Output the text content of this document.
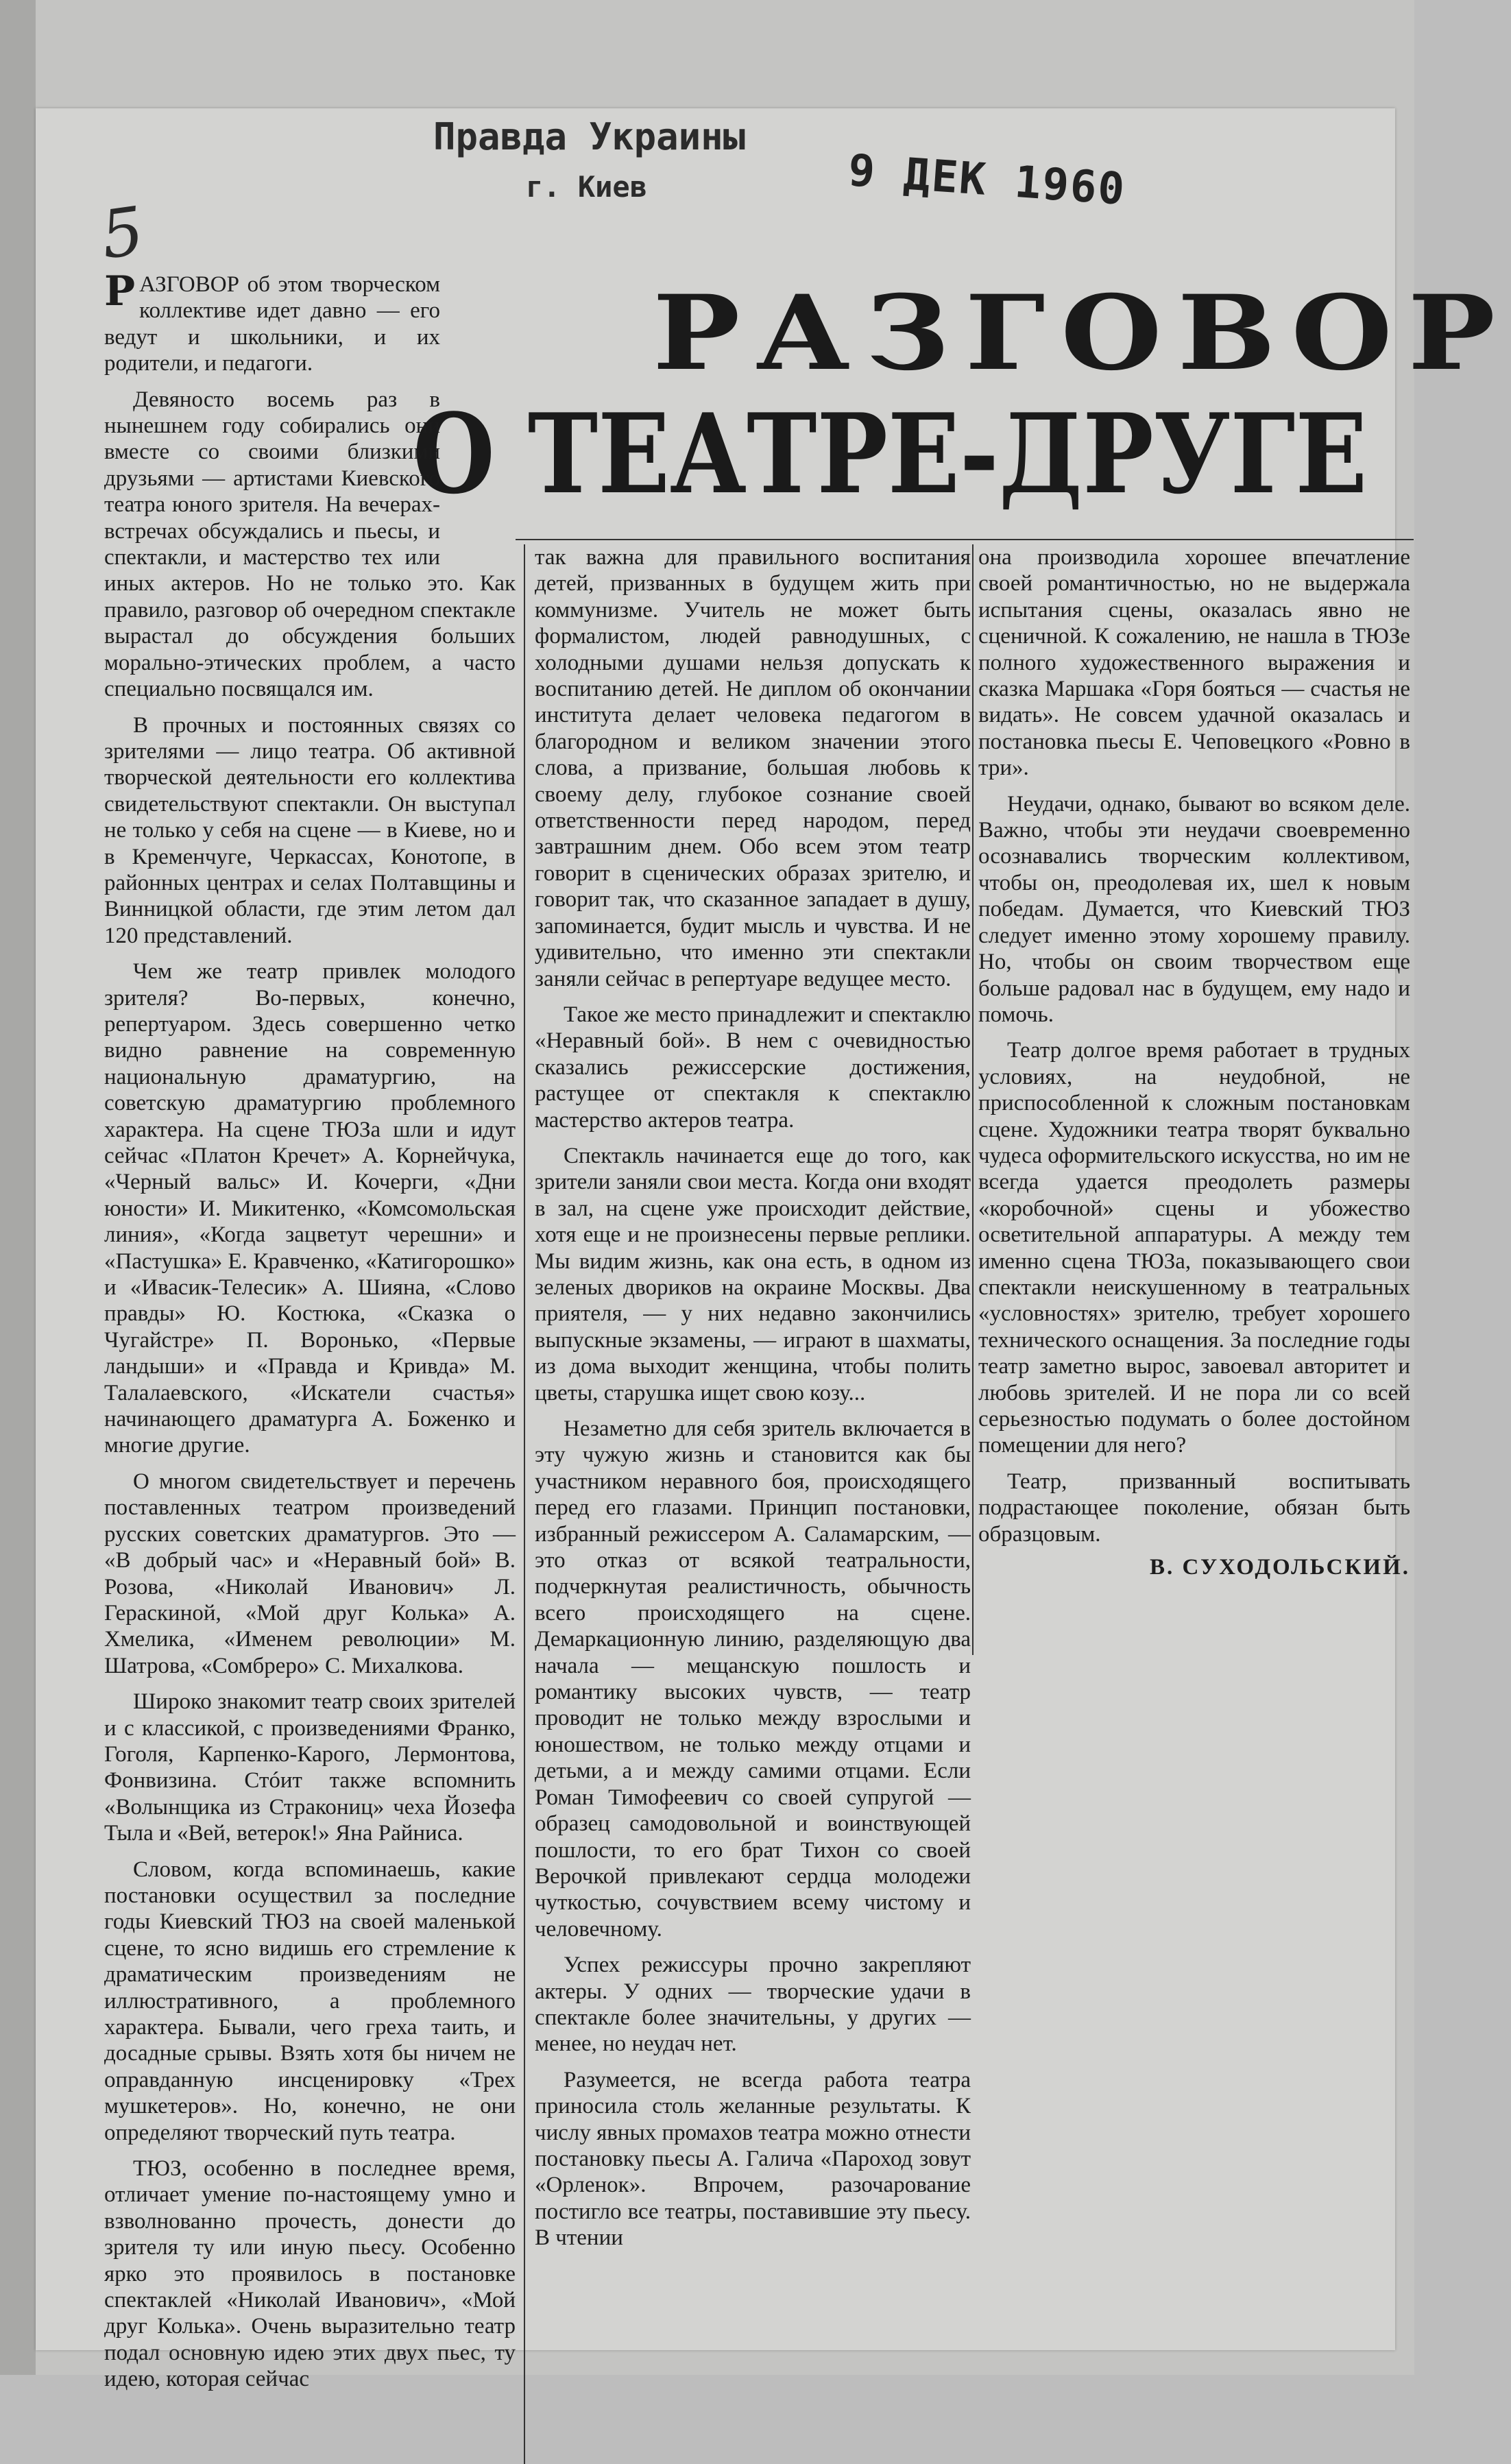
Правда Украины
г. Киев	9 ДЕК 1960
5
РАЗГОВОР
О ТЕАТРЕ-ДРУГЕ

РАЗГОВОР об этом творческом коллективе идет давно — его ведут и школьники, и их родители, и педагоги.

Девяносто восемь раз в нынешнем году собирались они вместе со своими близкими друзьями — артистами Киевского театра юного зрителя. На вечерах-встречах обсуждались и пьесы, и спектакли, и мастерство тех или иных актеров. Но не только это. Как правило, разговор об очередном спектакле вырастал до обсуждения больших морально-этических проблем, а часто специально посвящался им.

В прочных и постоянных связях со зрителями — лицо театра. Об активной творческой деятельности его коллектива свидетельствуют спектакли. Он выступал не только у себя на сцене — в Киеве, но и в Кременчуге, Черкассах, Конотопе, в районных центрах и селах Полтавщины и Винницкой области, где этим летом дал 120 представлений.

Чем же театр привлек молодого зрителя? Во-первых, конечно, репертуаром. Здесь совершенно четко видно равнение на современную национальную драматургию, на советскую драматургию проблемного характера. На сцене ТЮЗа шли и идут сейчас «Платон Кречет» А. Корнейчука, «Черный вальс» И. Кочерги, «Дни юности» И. Микитенко, «Комсомольская линия», «Когда зацветут черешни» и «Пастушка» Е. Кравченко, «Катигорошко» и «Ивасик-Телесик» А. Шияна, «Слово правды» Ю. Костюка, «Сказка о Чугайстре» П. Воронько, «Первые ландыши» и «Правда и Кривда» М. Талалаевского, «Искатели счастья» начинающего драматурга А. Боженко и многие другие.

О многом свидетельствует и перечень поставленных театром произведений русских советских драматургов. Это — «В добрый час» и «Неравный бой» В. Розова, «Николай Иванович» Л. Гераскиной, «Мой друг Колька» А. Хмелика, «Именем революции» М. Шатрова, «Сомбреро» С. Михалкова.

Широко знакомит театр своих зрителей и с классикой, с произведениями Франко, Гоголя, Карпенко-Карого, Лермонтова, Фонвизина. Стóит также вспомнить «Волынщика из Стракониц» чеха Йозефа Тыла и «Вей, ветерок!» Яна Райниса.

Словом, когда вспоминаешь, какие постановки осуществил за последние годы Киевский ТЮЗ на своей маленькой сцене, то ясно видишь его стремление к драматическим произведениям не иллюстративного, а проблемного характера. Бывали, чего греха таить, и досадные срывы. Взять хотя бы ничем не оправданную инсценировку «Трех мушкетеров». Но, конечно, не они определяют творческий путь театра.

ТЮЗ, особенно в последнее время, отличает умение по-настоящему умно и взволнованно прочесть, донести до зрителя ту или иную пьесу. Особенно ярко это проявилось в постановке спектаклей «Николай Иванович», «Мой друг Колька». Очень выразительно театр подал основную идею этих двух пьес, ту идею, которая сейчас

так важна для правильного воспитания детей, призванных в будущем жить при коммунизме. Учитель не может быть формалистом, людей равнодушных, с холодными душами нельзя допускать к воспитанию детей. Не диплом об окончании института делает человека педагогом в благородном и великом значении этого слова, а призвание, большая любовь к своему делу, глубокое сознание своей ответственности перед народом, перед завтрашним днем. Обо всем этом театр говорит в сценических образах зрителю, и говорит так, что сказанное западает в душу, запоминается, будит мысль и чувства. И не удивительно, что именно эти спектакли заняли сейчас в репертуаре ведущее место.

Такое же место принадлежит и спектаклю «Неравный бой». В нем с очевидностью сказались режиссерские достижения, растущее от спектакля к спектаклю мастерство актеров театра.

Спектакль начинается еще до того, как зрители заняли свои места. Когда они входят в зал, на сцене уже происходит действие, хотя еще и не произнесены первые реплики. Мы видим жизнь, как она есть, в одном из зеленых двориков на окраине Москвы. Два приятеля, — у них недавно закончились выпускные экзамены, — играют в шахматы, из дома выходит женщина, чтобы полить цветы, старушка ищет свою козу...

Незаметно для себя зритель включается в эту чужую жизнь и становится как бы участником неравного боя, происходящего перед его глазами. Принцип постановки, избранный режиссером А. Саламарским, — это отказ от всякой театральности, подчеркнутая реалистичность, обычность всего происходящего на сцене. Демаркационную линию, разделяющую два начала — мещанскую пошлость и романтику высоких чувств, — театр проводит не только между взрослыми и юношеством, не только между отцами и детьми, а и между самими отцами. Если Роман Тимофеевич со своей супругой — образец самодовольной и воинствующей пошлости, то его брат Тихон со своей Верочкой привлекают сердца молодежи чуткостью, сочувствием всему чистому и человечному.

Успех режиссуры прочно закрепляют актеры. У одних — творческие удачи в спектакле более значительны, у других — менее, но неудач нет.

Разумеется, не всегда работа театра приносила столь желанные результаты. К числу явных промахов театра можно отнести постановку пьесы А. Галича «Пароход зовут «Орленок». Впрочем, разочарование постигло все театры, поставившие эту пьесу. В чтении

она производила хорошее впечатление своей романтичностью, но не выдержала испытания сцены, оказалась явно не сценичной. К сожалению, не нашла в ТЮЗе полного художественного выражения и сказка Маршака «Горя бояться — счастья не видать». Не совсем удачной оказалась и постановка пьесы Е. Чеповецкого «Ровно в три».

Неудачи, однако, бывают во всяком деле. Важно, чтобы эти неудачи своевременно осознавались творческим коллективом, чтобы он, преодолевая их, шел к новым победам. Думается, что Киевский ТЮЗ следует именно этому хорошему правилу. Но, чтобы он своим творчеством еще больше радовал нас в будущем, ему надо и помочь.

Театр долгое время работает в трудных условиях, на неудобной, не приспособленной к сложным постановкам сцене. Художники театра творят буквально чудеса оформительского искусства, но им не всегда удается преодолеть размеры «коробочной» сцены и убожество осветительной аппаратуры. А между тем именно сцена ТЮЗа, показывающего свои спектакли неискушенному в театральных «условностях» зрителю, требует хорошего технического оснащения. За последние годы театр заметно вырос, завоевал авторитет и любовь зрителей. И не пора ли со всей серьезностью подумать о более достойном помещении для него?

Театр, призванный воспитывать подрастающее поколение, обязан быть образцовым.

В. СУХОДОЛЬСКИЙ.
